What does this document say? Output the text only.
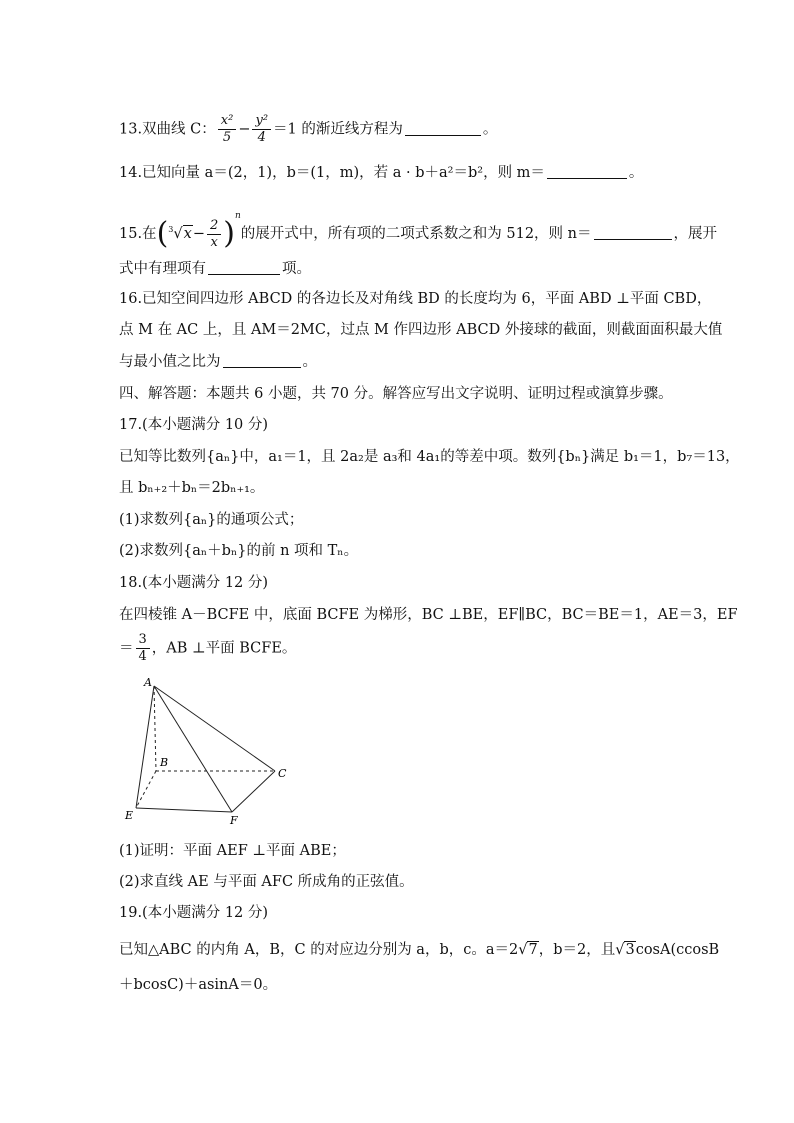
13.双曲线 C： $\frac{\text{x²}}{5} - \frac{\text{y²}}{4} =1$ 的渐近线方程为	。
14.已知向量 a＝(2，1)，b＝(1，m)，若 a · b＋a²＝b²，则 m＝	。
15.在$(^3√x- \frac{2}{x} )^n$的展开式中，所有项的二项式系数之和为 512，则 n＝	，展开
式中有理项有	项。
16.已知空间四边形 ABCD 的各边长及对角线 BD 的长度均为 6，平面 ABD ⊥平面 CBD，
点 M 在 AC 上，且 AM＝2MC，过点 M 作四边形 ABCD 外接球的截面，则截面面积最大值
与最小值之比为	。
四、解答题：本题共 6 小题，共 70 分。解答应写出文字说明、证明过程或演算步骤。
17.(本小题满分 10 分)
已知等比数列{aₙ}中，a₁＝1，且 2a₂是 a₃和 4a₁的等差中项。数列{bₙ}满足 b₁＝1，b₇＝13，
且 bₙ₊₂＋bₙ＝2bₙ₊₁。
(1)求数列{aₙ}的通项公式；
(2)求数列{aₙ＋bₙ}的前 n 项和 Tₙ。
18.(本小题满分 12 分)
在四棱锥 A－BCFE 中，底面 BCFE 为梯形，BC ⊥BE，EF∥BC，BC＝BE＝1，AE＝3，EF
＝ $\frac{3}{4}$ ，AB ⊥平面 BCFE。
A
B
C
E	F
(1)证明：平面 AEF ⊥平面 ABE；
(2)求直线 AE 与平面 AFC 所成角的正弦值。
19.(本小题满分 12 分)
已知△ABC 的内角 A，B，C 的对应边分别为 a，b，c。a＝2√7，b＝2，且√3cosA(ccosB
＋bcosC)＋asinA＝0。
